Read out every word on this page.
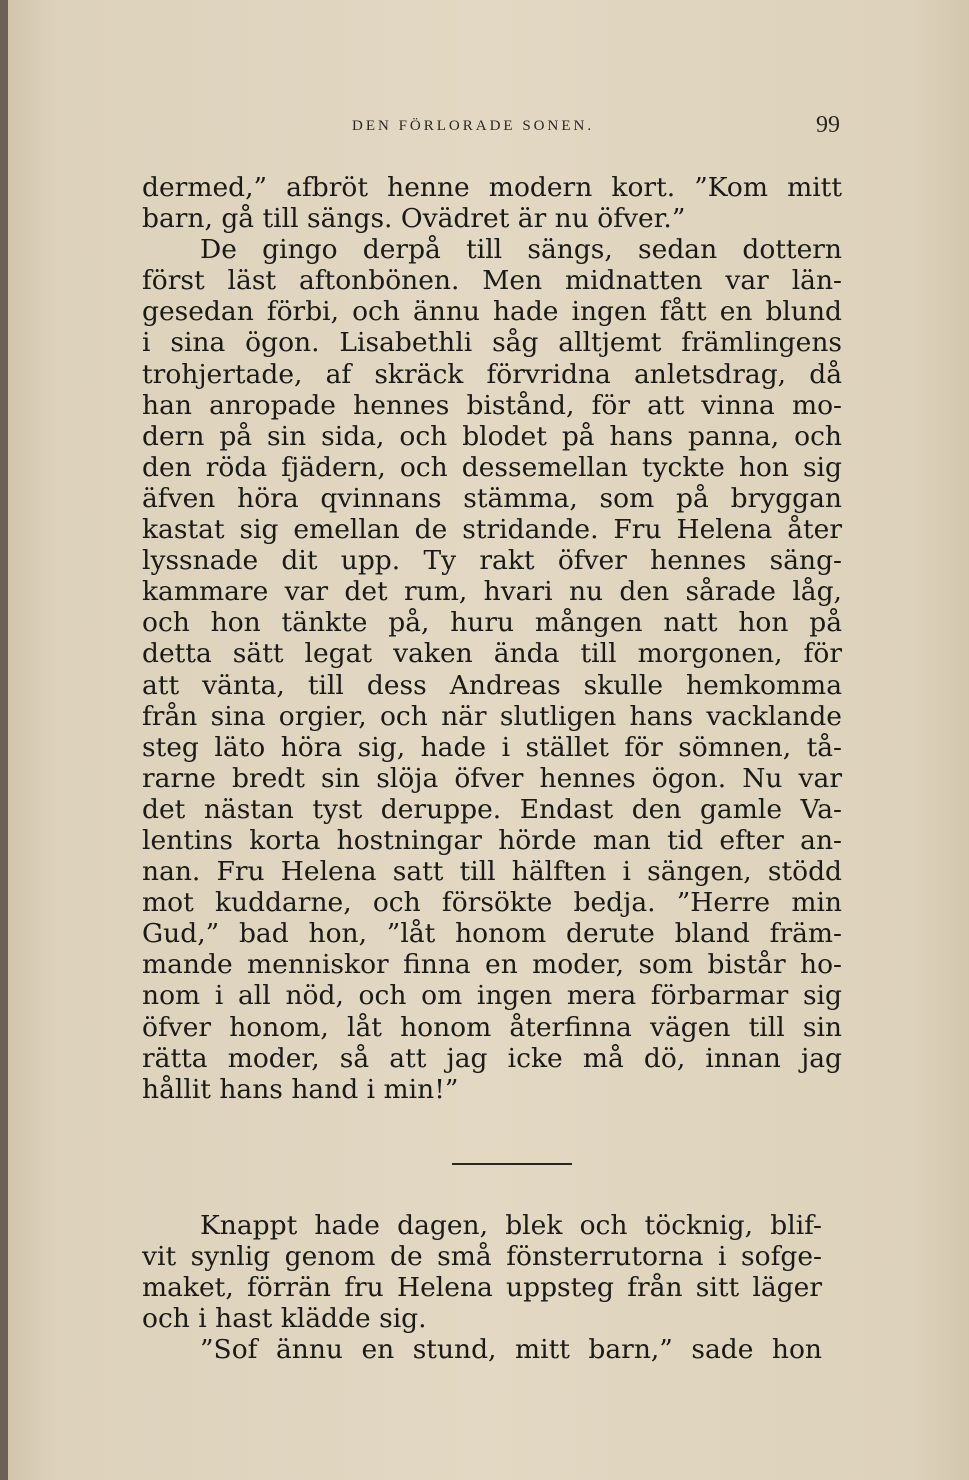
DEN FÖRLORADE SONEN.	99
dermed,” afbröt henne modern kort. ”Kom mitt
barn, gå till sängs. Ovädret är nu öfver.”
De gingo derpå till sängs, sedan dottern
först läst aftonbönen. Men midnatten var län-
gesedan förbi, och ännu hade ingen fått en blund
i sina ögon. Lisabethli såg alltjemt främlingens
trohjertade, af skräck förvridna anletsdrag, då
han anropade hennes bistånd, för att vinna mo-
dern på sin sida, och blodet på hans panna, och
den röda fjädern, och dessemellan tyckte hon sig
äfven höra qvinnans stämma, som på bryggan
kastat sig emellan de stridande. Fru Helena åter
lyssnade dit upp. Ty rakt öfver hennes säng-
kammare var det rum, hvari nu den sårade låg,
och hon tänkte på, huru mången natt hon på
detta sätt legat vaken ända till morgonen, för
att vänta, till dess Andreas skulle hemkomma
från sina orgier, och när slutligen hans vacklande
steg läto höra sig, hade i stället för sömnen, tå-
rarne bredt sin slöja öfver hennes ögon. Nu var
det nästan tyst deruppe. Endast den gamle Va-
lentins korta hostningar hörde man tid efter an-
nan. Fru Helena satt till hälften i sängen, stödd
mot kuddarne, och försökte bedja. ”Herre min
Gud,” bad hon, ”låt honom derute bland främ-
mande menniskor finna en moder, som bistår ho-
nom i all nöd, och om ingen mera förbarmar sig
öfver honom, låt honom återfinna vägen till sin
rätta moder, så att jag icke må dö, innan jag
hållit hans hand i min!”
Knappt hade dagen, blek och töcknig, blif-
vit synlig genom de små fönsterrutorna i sofge-
maket, förrän fru Helena uppsteg från sitt läger
och i hast klädde sig.
”Sof ännu en stund, mitt barn,” sade hon
